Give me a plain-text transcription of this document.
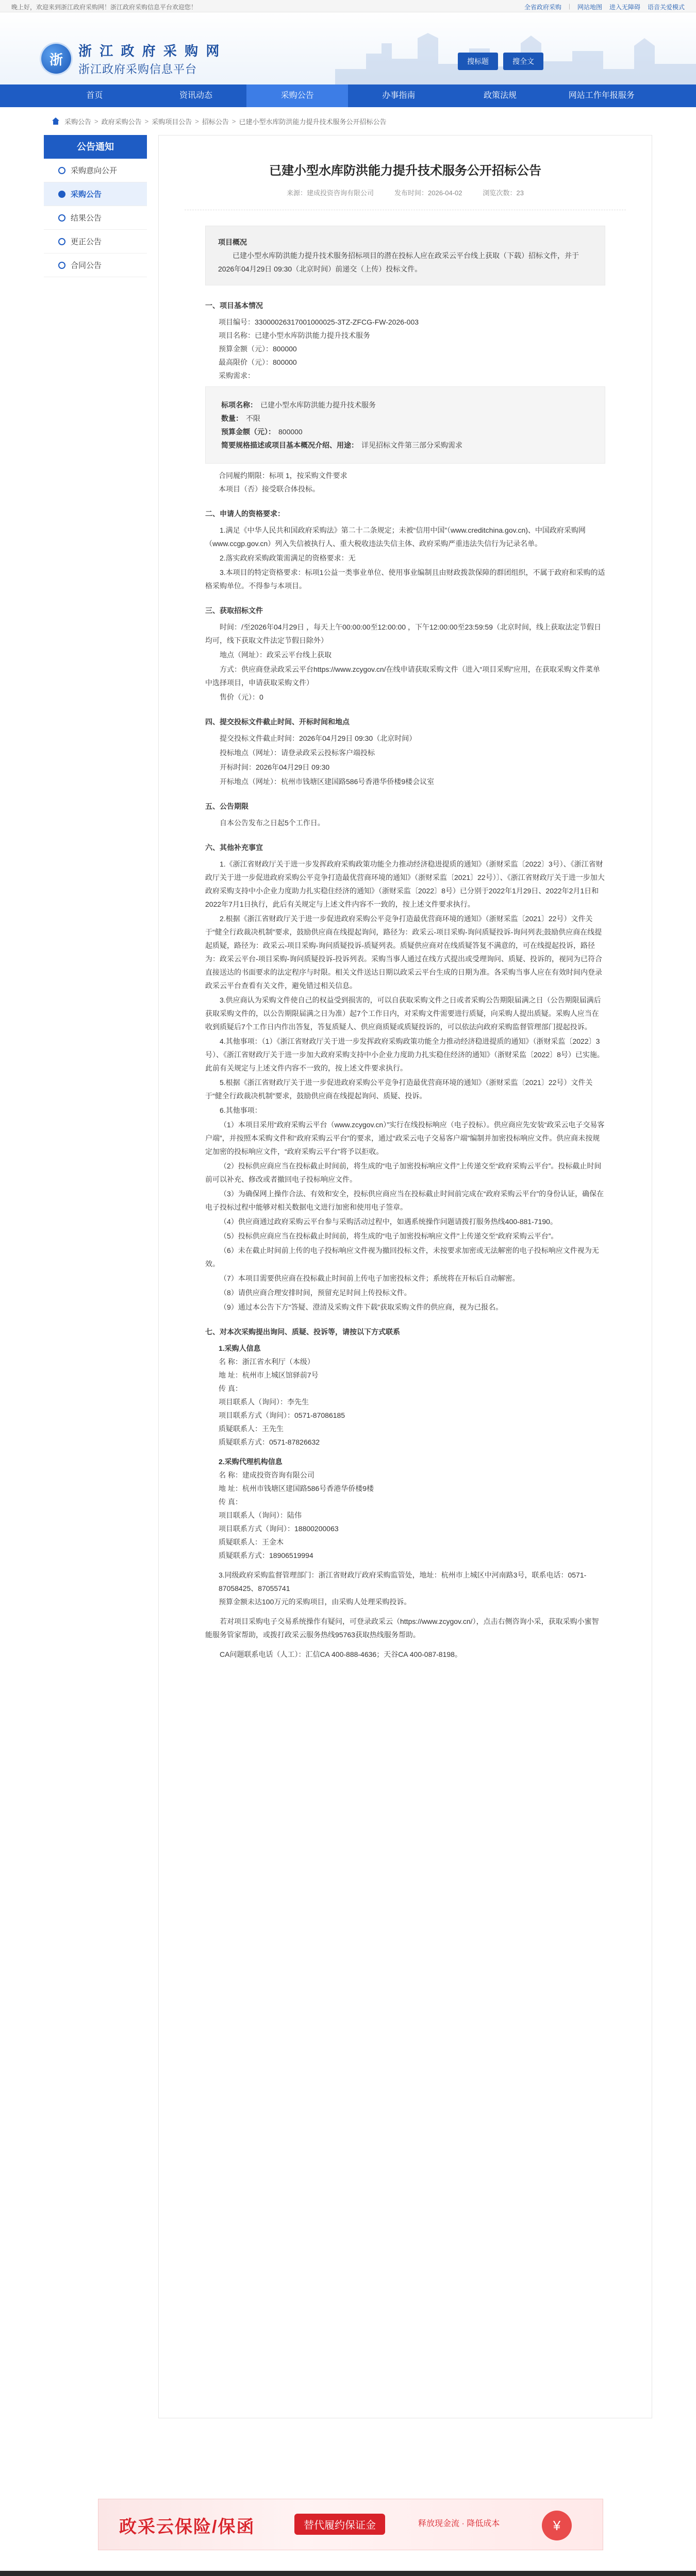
晚上好，欢迎来到浙江政府采购网！浙江政府采购信息平台欢迎您！	全省政府采购 | 网站地图 进入无障碍 语音关爱模式
浙
浙 江 政 府 采 购 网
浙江政府采购信息平台
搜标题	搜全文
首页	资讯动态	采购公告	办事指南	政策法规	网站工作年报服务
采购公告 > 政府采购公告 > 采购项目公告 > 招标公告 > 已建小型水库防洪能力提升技术服务公开招标公告
公告通知
采购意向公开
采购公告
结果公告
更正公告
合同公告
已建小型水库防洪能力提升技术服务公开招标公告
来源：建成投资咨询有限公司	发布时间：2026-04-02	浏览次数：23
项目概况
已建小型水库防洪能力提升技术服务招标项目的潜在投标人应在政采云平台线上获取（下载）招标文件，并于2026年04月29日 09:30（北京时间）前递交（上传）投标文件。
一、项目基本情况
项目编号：33000026317001000025-3TZ-ZFCG-FW-2026-003
项目名称：已建小型水库防洪能力提升技术服务
预算金额（元）：800000
最高限价（元）：800000
采购需求：
标项名称： 已建小型水库防洪能力提升技术服务
数量： 不限
预算金额（元）： 800000
简要规格描述或项目基本概况介绍、用途： 详见招标文件第三部分采购需求
合同履约期限：标项 1，按采购文件要求
本项目（否）接受联合体投标。
二、申请人的资格要求：
1.满足《中华人民共和国政府采购法》第二十二条规定；未被“信用中国”（www.creditchina.gov.cn)、中国政府采购网（www.ccgp.gov.cn）列入失信被执行人、重大税收违法失信主体、政府采购严重违法失信行为记录名单。
2.落实政府采购政策需满足的资格要求：无
3.本项目的特定资格要求：标项1公益一类事业单位、使用事业编制且由财政拨款保障的群团组织，不属于政府和采购的适格采购单位。不得参与本项目。
三、获取招标文件
时间：/至2026年04月29日 ，每天上午00:00:00至12:00:00 ，下午12:00:00至23:59:59（北京时间，线上获取法定节假日均可，线下获取文件法定节假日除外）
地点（网址）：政采云平台线上获取
方式：供应商登录政采云平台https://www.zcygov.cn/在线申请获取采购文件（进入“项目采购”应用，在获取采购文件菜单中选择项目，申请获取采购文件）
售价（元）：0
四、提交投标文件截止时间、开标时间和地点
提交投标文件截止时间：2026年04月29日 09:30（北京时间）
投标地点（网址）：请登录政采云投标客户端投标
开标时间：2026年04月29日 09:30
开标地点（网址）：杭州市钱塘区建国路586号香港华侨楼9楼会议室
五、公告期限
自本公告发布之日起5个工作日。
六、其他补充事宜
1.《浙江省财政厅关于进一步发挥政府采购政策功能全力推动经济稳进提质的通知》（浙财采监〔2022〕3号）、《浙江省财政厅关于进一步促进政府采购公平竞争打造最优营商环境的通知》（浙财采监〔2021〕22号）〕、《浙江省财政厅关于进一步加大政府采购支持中小企业力度助力扎实稳住经济的通知》（浙财采监〔2022〕8号）已分别于2022年1月29日、2022年2月1日和2022年7月1日执行，此后有关规定与上述文件内容不一致的，按上述文件要求执行。
2.根据《浙江省财政厅关于进一步促进政府采购公平竞争打造最优营商环境的通知》（浙财采监〔2021〕22号）文件关于“健全行政裁决机制”要求，鼓励供应商在线提起询问，路径为：政采云-项目采购-询问质疑投诉-询问列表;鼓励供应商在线提起质疑，路径为：政采云-项目采购-询问质疑投诉-质疑列表。质疑供应商对在线质疑答复不满意的，可在线提起投诉，路径为：政采云平台-项目采购-询问质疑投诉-投诉列表。采购当事人通过在线方式提出或受理询问、质疑、投诉的，视同为已符合直接送达的书面要求的法定程序与时限。相关文件送达日期以政采云平台生成的日期为准。各采购当事人应在有效时间内登录政采云平台查看有关文件，避免错过相关信息。
3.供应商认为采购文件使自己的权益受到损害的，可以自获取采购文件之日或者采购公告期限届满之日（公告期限届满后获取采购文件的，以公告期限届满之日为准）起7个工作日内，对采购文件需要进行质疑，向采购人提出质疑。采购人应当在收到质疑后7个工作日内作出答复，答复质疑人、供应商质疑或质疑投诉的，可以依法向政府采购监督管理部门提起投诉。
4.其他事项：（1）《浙江省财政厅关于进一步发挥政府采购政策功能全力推动经济稳进提质的通知》（浙财采监〔2022〕3号）、《浙江省财政厅关于进一步加大政府采购支持中小企业力度助力扎实稳住经济的通知》（浙财采监〔2022〕8号）已实施。此前有关规定与上述文件内容不一致的，按上述文件要求执行。
5.根据《浙江省财政厅关于进一步促进政府采购公平竞争打造最优营商环境的通知》（浙财采监〔2021〕22号）文件关于“健全行政裁决机制”要求，鼓励供应商在线提起询问、质疑、投诉。
6.其他事项：
（1）本项目采用“政府采购云平台（www.zcygov.cn）”实行在线投标响应（电子投标）。供应商应先安装“政采云电子交易客户端”，并按照本采购文件和“政府采购云平台”的要求，通过“政采云电子交易客户端”编制并加密投标响应文件。供应商未按规定加密的投标响应文件，“政府采购云平台”将予以拒收。
（2）投标供应商应当在投标截止时间前，将生成的“电子加密投标响应文件”上传递交至“政府采购云平台”。投标截止时间前可以补充、修改或者撤回电子投标响应文件。
（3）为确保网上操作合法、有效和安全，投标供应商应当在投标截止时间前完成在“政府采购云平台”的身份认证，确保在电子投标过程中能够对相关数据电文进行加密和使用电子签章。
（4）供应商通过政府采购云平台参与采购活动过程中，如遇系统操作问题请拨打服务热线400-881-7190。
（5）投标供应商应当在投标截止时间前，将生成的“电子加密投标响应文件”上传递交至“政府采购云平台”。
（6）未在截止时间前上传的电子投标响应文件视为撤回投标文件，未按要求加密或无法解密的电子投标响应文件视为无效。
（7）本项目需要供应商在投标截止时间前上传电子加密投标文件；系统将在开标后自动解密。
（8）请供应商合理安排时间，预留充足时间上传投标文件。
（9）通过本公告下方“答疑、澄清及采购文件下载”获取采购文件的供应商，视为已报名。
七、对本次采购提出询问、质疑、投诉等，请按以下方式联系
1.采购人信息
名 称：浙江省水利厅（本级）
地 址：杭州市上城区馆驿前7号
传 真：
项目联系人（询问）：李先生
项目联系方式（询问）：0571-87086185
质疑联系人：王先生
质疑联系方式：0571-87826632
2.采购代理机构信息
名 称：建成投资咨询有限公司
地 址：杭州市钱塘区建国路586号香港华侨楼9楼
传 真：
项目联系人（询问）：陆伟
项目联系方式（询问）：18800200063
质疑联系人：王金木
质疑联系方式：18906519994
3.同级政府采购监督管理部门：浙江省财政厅政府采购监管处，地址：杭州市上城区中河南路3号，联系电话：0571-87058425、87055741
预算金额未达100万元的采购项目，由采购人处理采购投诉。
若对项目采购电子交易系统操作有疑问，可登录政采云（https://www.zcygov.cn/），点击右侧咨询小采，获取采购小蜜智能服务管家帮助，或拨打政采云服务热线95763获取热线服务帮助。
CA问题联系电话（人工）：汇信CA 400-888-4636；天谷CA 400-087-8198。
政采云保险/保函	替代履约保证金	释放现金流 · 降低成本	¥
